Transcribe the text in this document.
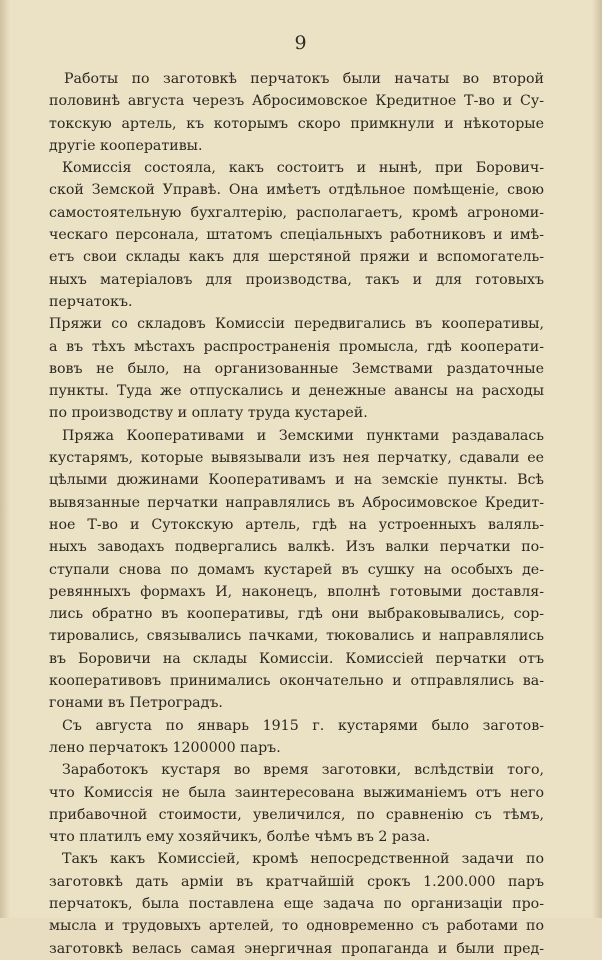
9
Работы по заготовкѣ перчатокъ были начаты во второй
половинѣ августа черезъ Абросимовское Кредитное Т-во и Су-
токскую артель, къ которымъ скоро примкнули и нѣкоторые
другіе кооперативы.
Комиссія состояла, какъ состоитъ и нынѣ, при Борович-
ской Земской Управѣ. Она имѣетъ отдѣльное помѣщеніе, свою
самостоятельную бухгалтерію, располагаетъ, кромѣ агрономи-
ческаго персонала, штатомъ спеціальныхъ работниковъ и имѣ-
етъ свои склады какъ для шерстяной пряжи и вспомогатель-
ныхъ матеріаловъ для производства, такъ и для готовыхъ
перчатокъ.
Пряжи со складовъ Комиссіи передвигались въ кооперативы,
а въ тѣхъ мѣстахъ распространенія промысла, гдѣ кооперати-
вовъ не было, на организованные Земствами раздаточные
пункты. Туда же отпускались и денежные авансы на расходы
по производству и оплату труда кустарей.
Пряжа Кооперативами и Земскими пунктами раздавалась
кустарямъ, которые вывязывали изъ нея перчатку, сдавали ее
цѣлыми дюжинами Кооперативамъ и на земскіе пункты. Всѣ
вывязанные перчатки направлялись въ Абросимовское Кредит-
ное Т-во и Сутокскую артель, гдѣ на устроенныхъ валяль-
ныхъ заводахъ подвергались валкѣ. Изъ валки перчатки по-
ступали снова по домамъ кустарей въ сушку на особыхъ де-
ревянныхъ формахъ И, наконецъ, вполнѣ готовыми доставля-
лись обратно въ кооперативы, гдѣ они выбраковывались, сор-
тировались, связывались пачками, тюковались и направлялись
въ Боровичи на склады Комиссіи. Комиссіей перчатки отъ
кооперативовъ принимались окончательно и отправлялись ва-
гонами въ Петроградъ.
Съ августа по январь 1915 г. кустарями было заготов-
лено перчатокъ 1200000 паръ.
Заработокъ кустаря во время заготовки, вслѣдствіи того,
что Комиссія не была заинтересована выжиманіемъ отъ него
прибавочной стоимости, увеличился, по сравненію съ тѣмъ,
что платилъ ему хозяйчикъ, болѣе чѣмъ въ 2 раза.
Такъ какъ Комиссіей, кромѣ непосредственной задачи по
заготовкѣ дать арміи въ кратчайшій срокъ 1.200.000 паръ
перчатокъ, была поставлена еще задача по организаціи про-
мысла и трудовыхъ артелей, то одновременно съ работами по
заготовкѣ велась самая энергичная пропаганда и были пред-
